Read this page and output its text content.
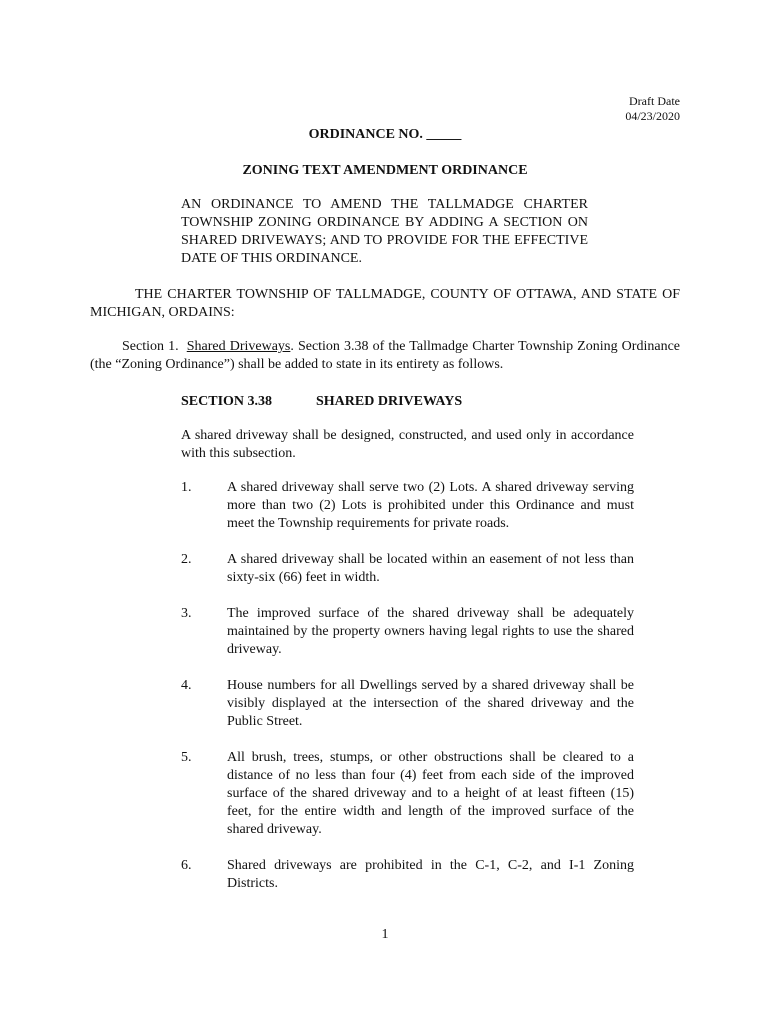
Draft Date
04/23/2020
ORDINANCE NO. _____
ZONING TEXT AMENDMENT ORDINANCE
AN ORDINANCE TO AMEND THE TALLMADGE CHARTER TOWNSHIP ZONING ORDINANCE BY ADDING A SECTION ON SHARED DRIVEWAYS; AND TO PROVIDE FOR THE EFFECTIVE DATE OF THIS ORDINANCE.
THE CHARTER TOWNSHIP OF TALLMADGE, COUNTY OF OTTAWA, AND STATE OF MICHIGAN, ORDAINS:
Section 1. Shared Driveways. Section 3.38 of the Tallmadge Charter Township Zoning Ordinance (the “Zoning Ordinance”) shall be added to state in its entirety as follows.
SECTION 3.38	SHARED DRIVEWAYS
A shared driveway shall be designed, constructed, and used only in accordance with this subsection.
1.	A shared driveway shall serve two (2) Lots. A shared driveway serving more than two (2) Lots is prohibited under this Ordinance and must meet the Township requirements for private roads.
2.	A shared driveway shall be located within an easement of not less than sixty-six (66) feet in width.
3.	The improved surface of the shared driveway shall be adequately maintained by the property owners having legal rights to use the shared driveway.
4.	House numbers for all Dwellings served by a shared driveway shall be visibly displayed at the intersection of the shared driveway and the Public Street.
5.	All brush, trees, stumps, or other obstructions shall be cleared to a distance of no less than four (4) feet from each side of the improved surface of the shared driveway and to a height of at least fifteen (15) feet, for the entire width and length of the improved surface of the shared driveway.
6.	Shared driveways are prohibited in the C-1, C-2, and I-1 Zoning Districts.
1
